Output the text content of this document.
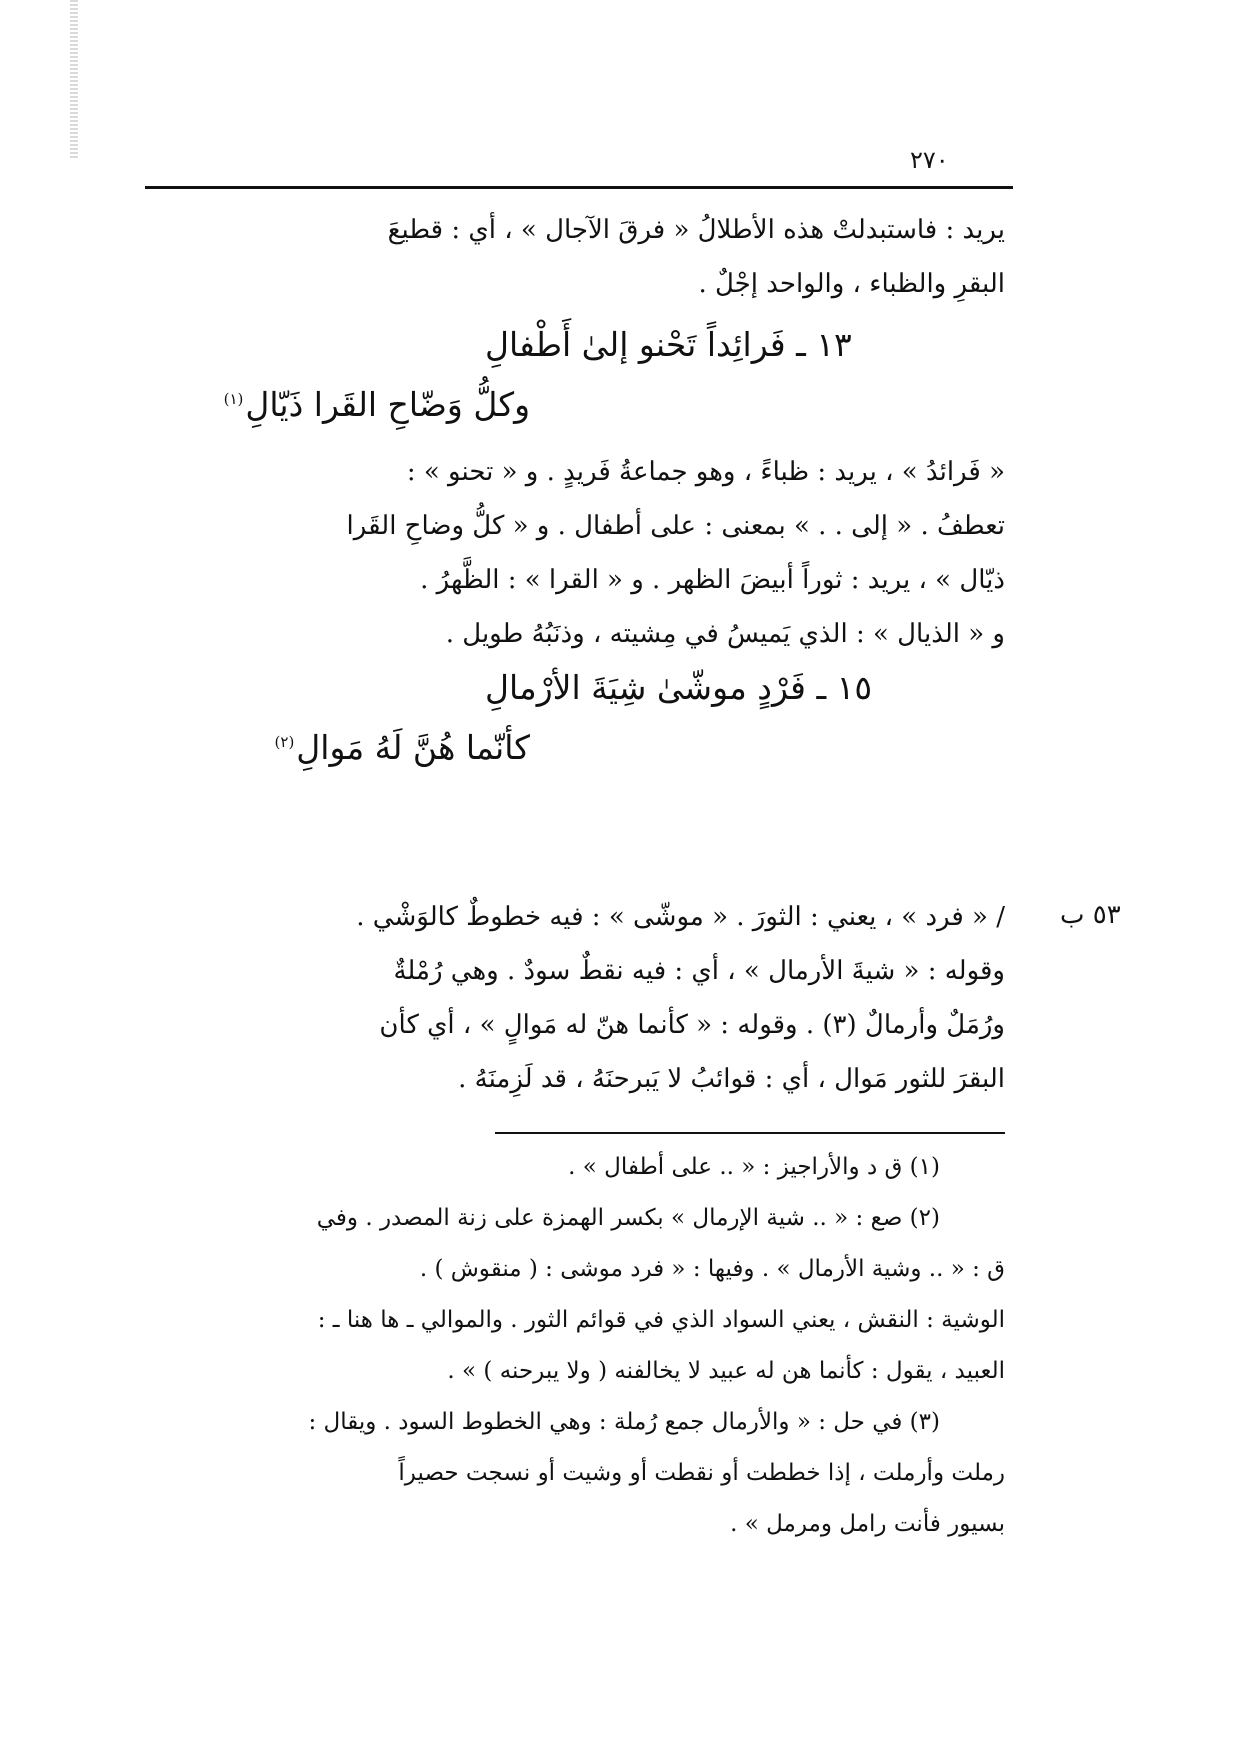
٢٧٠
يريد : فاستبدلتْ هذه الأطلالُ « فرقَ الآجال » ، أي : قطيعَ
البقرِ والظباء ، والواحد إجْلٌ .
١٣ ـ فَرائِداً تَحْنو إلىٰ أَطْفالِ
وكلُّ وَضّاحِ القَرا ذَيّالِ$^{(١)}$
« فَرائدُ » ، يريد : ظباءً ، وهو جماعةُ فَريدٍ . و « تحنو » :
تعطفُ . « إلى . . » بمعنى : على أطفال . و « كلُّ وضاحِ القَرا
ذيّال » ، يريد : ثوراً أبيضَ الظهر . و « القرا » : الظَّهرُ .
و « الذيال » : الذي يَميسُ في مِشيته ، وذنَبُهُ طويل .
١٥ ـ فَرْدٍ موشّىٰ شِيَةَ الأرْمالِ
كأنّما هُنَّ لَهُ مَوالِ$^{(٢)}$
٥٣ ب
/ « فرد » ، يعني : الثورَ . « موشّى » : فيه خطوطٌ كالوَشْي .
وقوله : « شيةَ الأرمال » ، أي : فيه نقطٌ سودٌ . وهي رُمْلةٌ
ورُمَلٌ وأرمالٌ (٣) . وقوله : « كأنما هنّ له مَوالٍ » ، أي كأن
البقرَ للثور مَوال ، أي : قوائبُ لا يَبرحنَهُ ، قد لَزِمنَهُ .
(١) ق د والأراجيز : « .. على أطفال » .
(٢) صع : « .. شية الإرمال » بكسر الهمزة على زنة المصدر . وفي
ق : « .. وشية الأرمال » . وفيها : « فرد موشى : ( منقوش ) .
الوشية : النقش ، يعني السواد الذي في قوائم الثور . والموالي ـ ها هنا ـ :
العبيد ، يقول : كأنما هن له عبيد لا يخالفنه ( ولا يبرحنه ) » .
(٣) في حل : « والأرمال جمع رُملة : وهي الخطوط السود . ويقال :
رملت وأرملت ، إذا خططت أو نقطت أو وشيت أو نسجت حصيراً
بسيور فأنت رامل ومرمل » .
